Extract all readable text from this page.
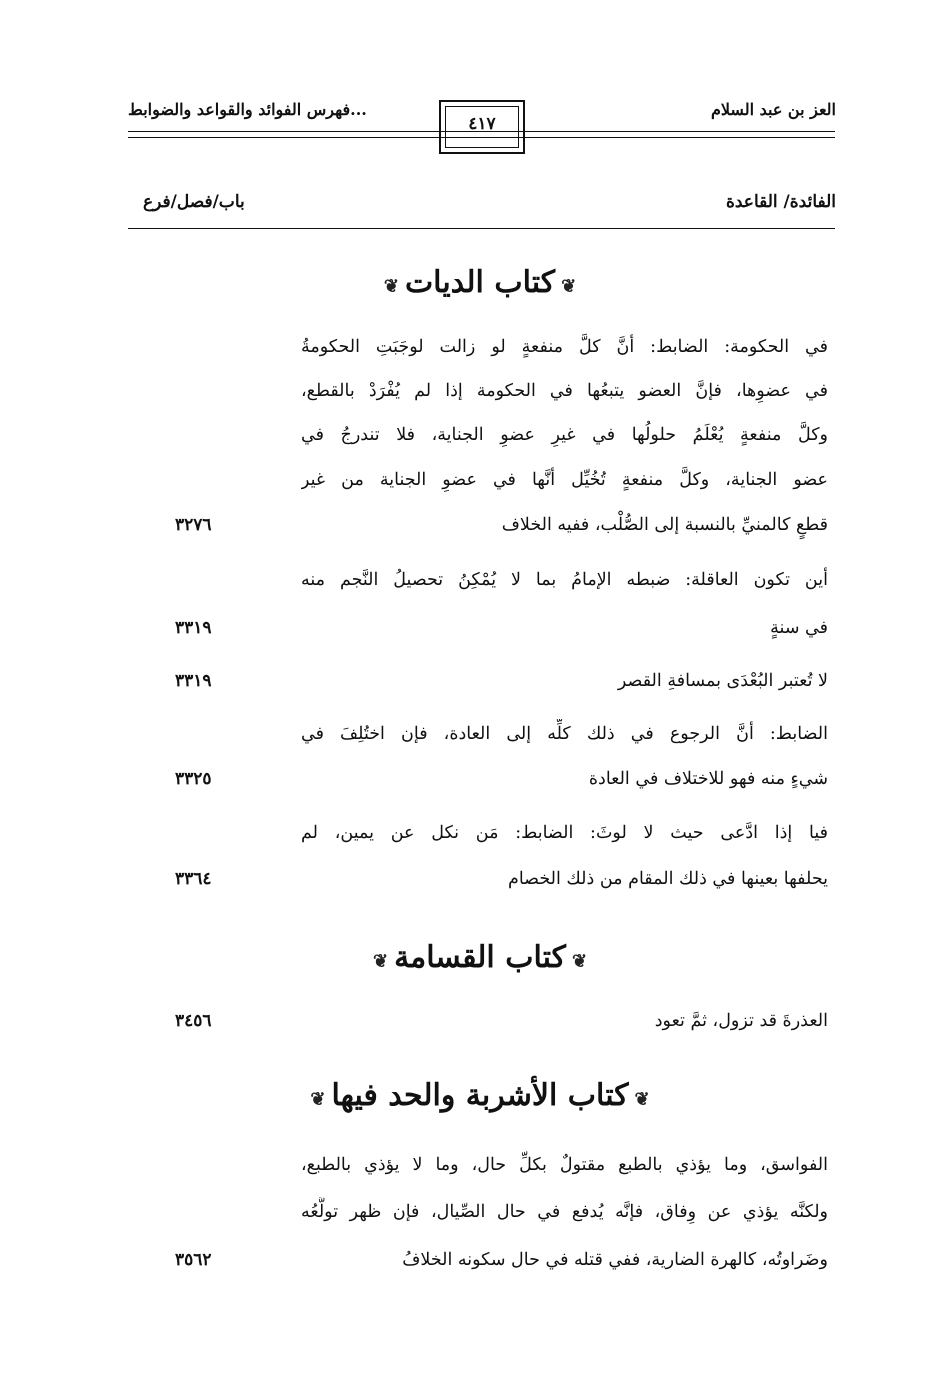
العز بن عبد السلام
فهرس الفوائد والقواعد والضوابط...
٤١٧
الفائدة/ القاعدة
باب/فصل/فرع
❦ كتاب الديات ❦
في الحكومة: الضابط: أنَّ كلَّ منفعةٍ لو زالت لوجَبَتِ الحكومةُ
في عضوِها، فإنَّ العضو يتبعُها في الحكومة إذا لم يُفْرَدْ بالقطع،
وكلَّ منفعةٍ يُعْلَمُ حلولُها في غيرِ عضوِ الجناية، فلا تندرجُ في
عضو الجناية، وكلَّ منفعةٍ تُخُيِّل أنَّها في عضوِ الجناية من غير
قطعٍ كالمنيِّ بالنسبة إلى الصُّلْب، ففيه الخلاف
٣٢٧٦
أين تكون العاقلة: ضبطه الإمامُ بما لا يُمْكِنُ تحصيلُ النَّجم منه
في سنةٍ
٣٣١٩
لا تُعتبر البُعْدَى بمسافةِ القصر
٣٣١٩
الضابط: أنَّ الرجوع في ذلك كلِّه إلى العادة، فإن اختُلِفَ في
شيءٍ منه فهو للاختلاف في العادة
٣٣٢٥
فيا إذا ادَّعى حيث لا لوثَ: الضابط: مَن نكل عن يمين، لم
يحلفها بعينها في ذلك المقام من ذلك الخصام
٣٣٦٤
❦ كتاب القسامة ❦
العذرةَ قد تزول، ثمَّ تعود
٣٤٥٦
❦ كتاب الأشربة والحد فيها ❦
الفواسق، وما يؤذي بالطبع مقتولٌ بكلِّ حال، وما لا يؤذي بالطبع،
ولكنَّه يؤذي عن وِفاق، فإنَّه يُدفع في حال الصِّيال، فإن ظهر تولُّعُه
وضَراوتُه، كالهرة الضارية، ففي قتله في حال سكونه الخلافُ
٣٥٦٢
